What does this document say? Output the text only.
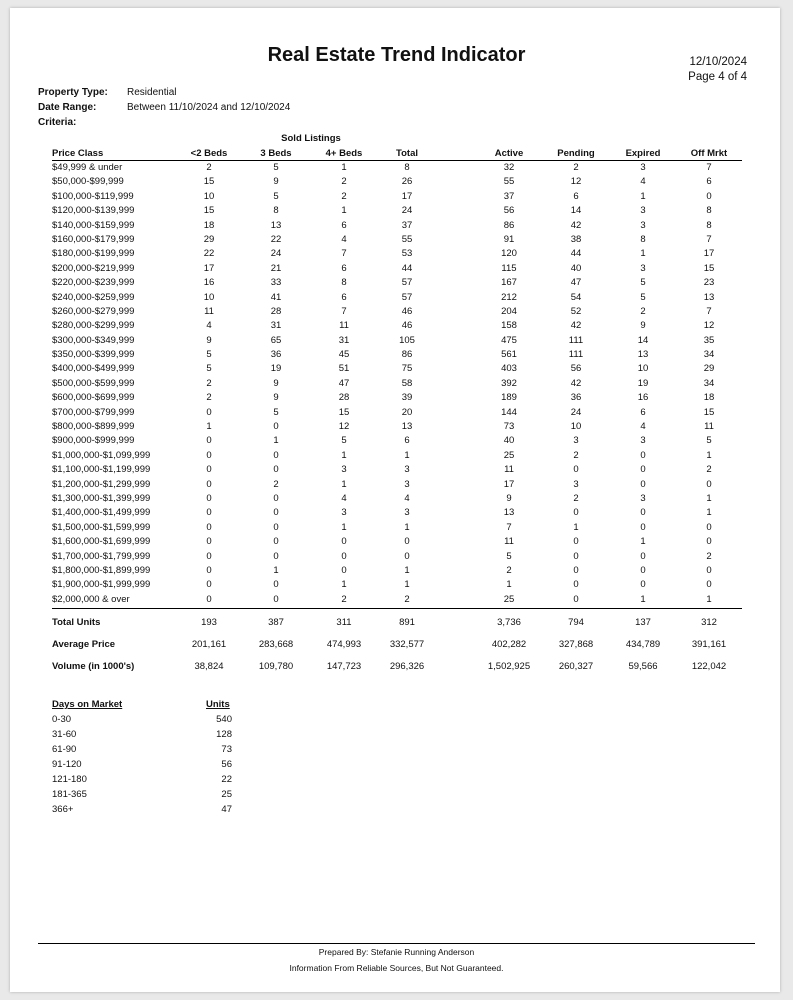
Real Estate Trend Indicator	12/10/2024
Page 4 of 4
Property Type:	Residential
Date Range:	Between 11/10/2024 and 12/10/2024
Criteria:
Sold Listings
Price Class	<2 Beds	3 Beds	4+ Beds	Total	Active	Pending	Expired	Off Mrkt
$49,999 & under	2	5	1	8	32	2	3	7
$50,000-$99,999	15	9	2	26	55	12	4	6
$100,000-$119,999	10	5	2	17	37	6	1	0
$120,000-$139,999	15	8	1	24	56	14	3	8
$140,000-$159,999	18	13	6	37	86	42	3	8
$160,000-$179,999	29	22	4	55	91	38	8	7
$180,000-$199,999	22	24	7	53	120	44	1	17
$200,000-$219,999	17	21	6	44	115	40	3	15
$220,000-$239,999	16	33	8	57	167	47	5	23
$240,000-$259,999	10	41	6	57	212	54	5	13
$260,000-$279,999	11	28	7	46	204	52	2	7
$280,000-$299,999	4	31	11	46	158	42	9	12
$300,000-$349,999	9	65	31	105	475	111	14	35
$350,000-$399,999	5	36	45	86	561	111	13	34
$400,000-$499,999	5	19	51	75	403	56	10	29
$500,000-$599,999	2	9	47	58	392	42	19	34
$600,000-$699,999	2	9	28	39	189	36	16	18
$700,000-$799,999	0	5	15	20	144	24	6	15
$800,000-$899,999	1	0	12	13	73	10	4	11
$900,000-$999,999	0	1	5	6	40	3	3	5
$1,000,000-$1,099,999	0	0	1	1	25	2	0	1
$1,100,000-$1,199,999	0	0	3	3	11	0	0	2
$1,200,000-$1,299,999	0	2	1	3	17	3	0	0
$1,300,000-$1,399,999	0	0	4	4	9	2	3	1
$1,400,000-$1,499,999	0	0	3	3	13	0	0	1
$1,500,000-$1,599,999	0	0	1	1	7	1	0	0
$1,600,000-$1,699,999	0	0	0	0	11	0	1	0
$1,700,000-$1,799,999	0	0	0	0	5	0	0	2
$1,800,000-$1,899,999	0	1	0	1	2	0	0	0
$1,900,000-$1,999,999	0	0	1	1	1	0	0	0
$2,000,000 & over	0	0	2	2	25	0	1	1
Total Units	193	387	311	891	3,736	794	137	312
Average Price	201,161	283,668	474,993	332,577	402,282	327,868	434,789	391,161
Volume (in 1000's)	38,824	109,780	147,723	296,326	1,502,925	260,327	59,566	122,042
Days on Market	Units
0-30	540
31-60	128
61-90	73
91-120	56
121-180	22
181-365	25
366+	47
Prepared By: Stefanie Running Anderson
Information From Reliable Sources, But Not Guaranteed.
